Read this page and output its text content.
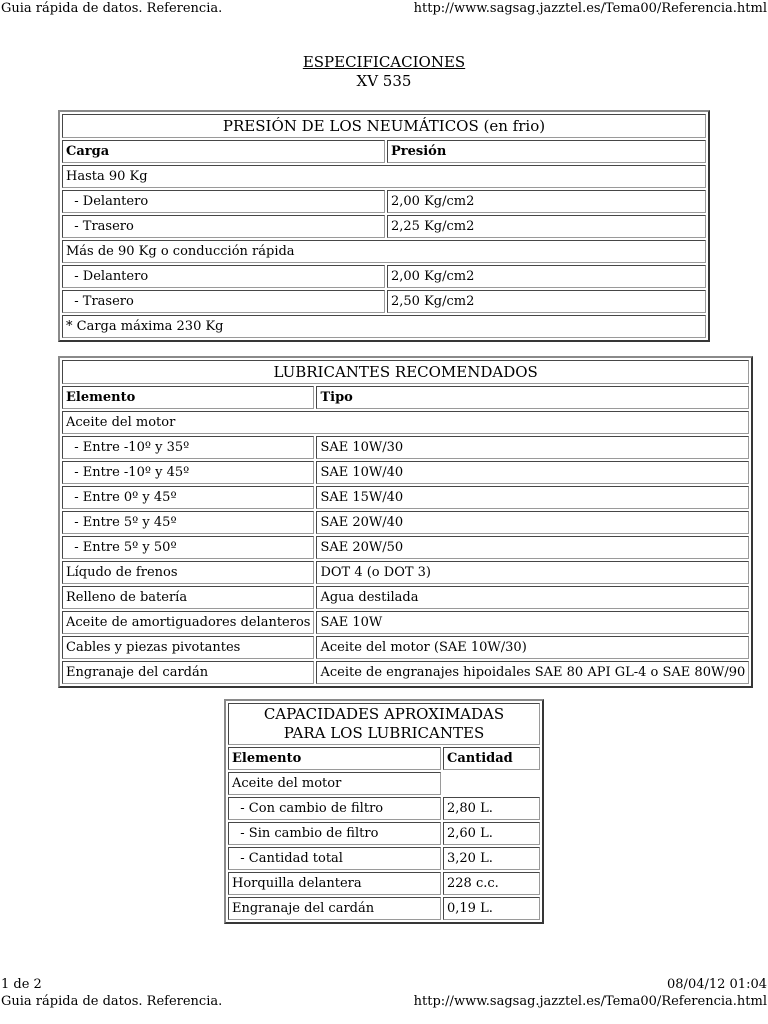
Guia rápida de datos. Referencia.	http://www.sagsag.jazztel.es/Tema00/Referencia.html
ESPECIFICACIONES
XV 535
PRESIÓN DE LOS NEUMÁTICOS (en frio)	
Carga	Presión
Hasta 90 Kg	
- Delantero	2,00 Kg/cm2
- Trasero	2,25 Kg/cm2
Más de 90 Kg o conducción rápida	
- Delantero	2,00 Kg/cm2
- Trasero	2,50 Kg/cm2
* Carga máxima 230 Kg	
LUBRICANTES RECOMENDADOS	
Elemento	Tipo
Aceite del motor	
- Entre -10º y 35º	SAE 10W/30
- Entre -10º y 45º	SAE 10W/40
- Entre 0º y 45º	SAE 15W/40
- Entre 5º y 45º	SAE 20W/40
- Entre 5º y 50º	SAE 20W/50
Líqudo de frenos	DOT 4 (o DOT 3)
Relleno de batería	Agua destilada
Aceite de amortiguadores delanteros	SAE 10W
Cables y piezas pivotantes	Aceite del motor (SAE 10W/30)
Engranaje del cardán	Aceite de engranajes hipoidales SAE 80 API GL-4 o SAE 80W/90
CAPACIDADES APROXIMADAS
PARA LOS LUBRICANTES	
Elemento	Cantidad
Aceite del motor	
- Con cambio de filtro	2,80 L.
- Sin cambio de filtro	2,60 L.
- Cantidad total	3,20 L.
Horquilla delantera	228 c.c.
Engranaje del cardán	0,19 L.
1 de 2	08/04/12 01:04
Guia rápida de datos. Referencia.	http://www.sagsag.jazztel.es/Tema00/Referencia.html
